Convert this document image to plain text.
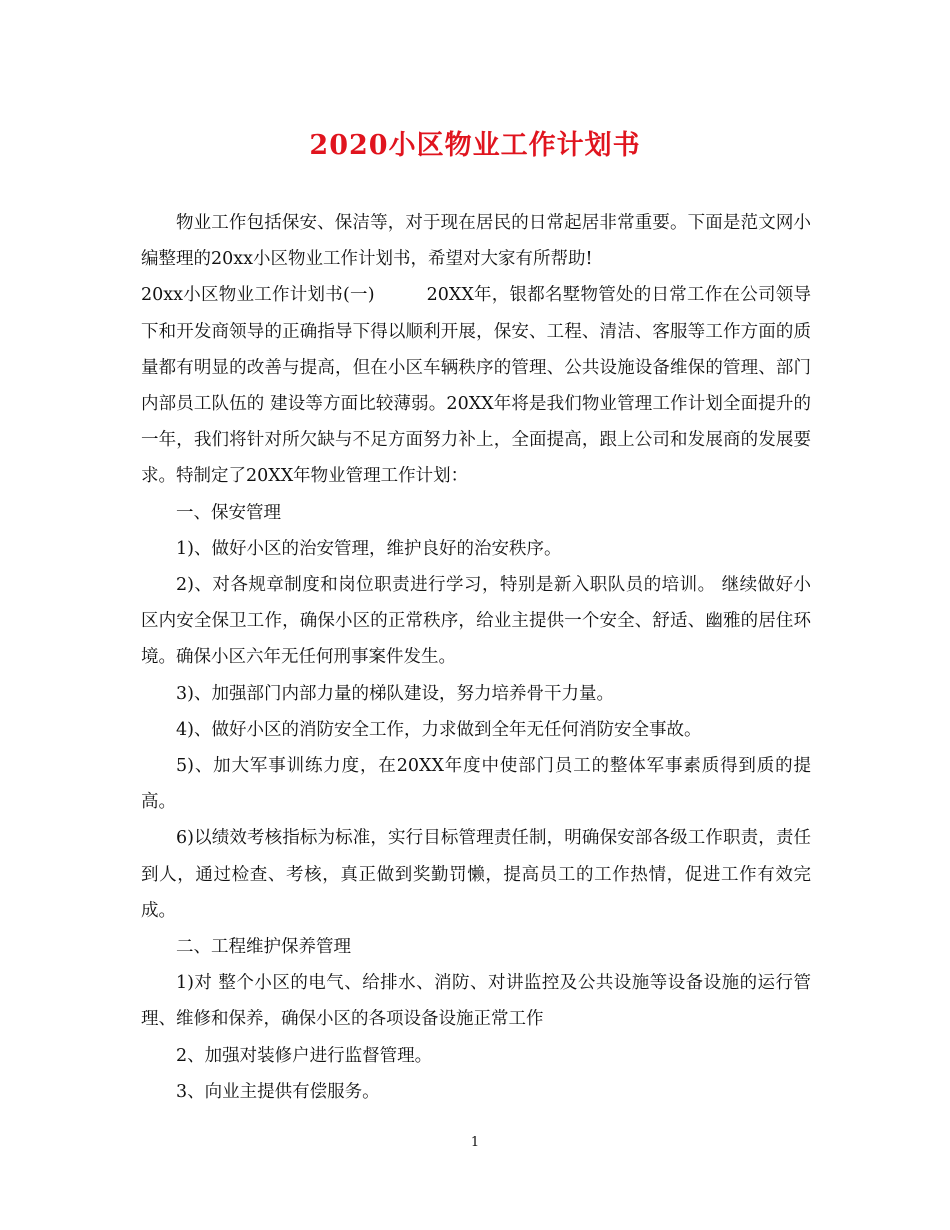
2020小区物业工作计划书

物业工作包括保安、保洁等，对于现在居民的日常起居非常重要。下面是范文网小编整理的20xx小区物业工作计划书，希望对大家有所帮助!

20xx小区物业工作计划书(一)	20XX年，银都名墅物管处的日常工作在公司领导下和开发商领导的正确指导下得以顺利开展，保安、工程、清洁、客服等工作方面的质量都有明显的改善与提高，但在小区车辆秩序的管理、公共设施设备维保的管理、部门内部员工队伍的 建设等方面比较薄弱。20XX年将是我们物业管理工作计划全面提升的一年，我们将针对所欠缺与不足方面努力补上，全面提高，跟上公司和发展商的发展要求。特制定了20XX年物业管理工作计划：

一、保安管理

1)、做好小区的治安管理，维护良好的治安秩序。

2)、对各规章制度和岗位职责进行学习，特别是新入职队员的培训。 继续做好小区内安全保卫工作，确保小区的正常秩序，给业主提供一个安全、舒适、幽雅的居住环境。确保小区六年无任何刑事案件发生。

3)、加强部门内部力量的梯队建设，努力培养骨干力量。

4)、做好小区的消防安全工作，力求做到全年无任何消防安全事故。

5)、加大军事训练力度，在20XX年度中使部门员工的整体军事素质得到质的提高。

6)以绩效考核指标为标准，实行目标管理责任制，明确保安部各级工作职责，责任到人，通过检查、考核，真正做到奖勤罚懒，提高员工的工作热情，促进工作有效完成。

二、工程维护保养管理

1)对 整个小区的电气、给排水、消防、对讲监控及公共设施等设备设施的运行管理、维修和保养，确保小区的各项设备设施正常工作

2、加强对装修户进行监督管理。

3、向业主提供有偿服务。

1
